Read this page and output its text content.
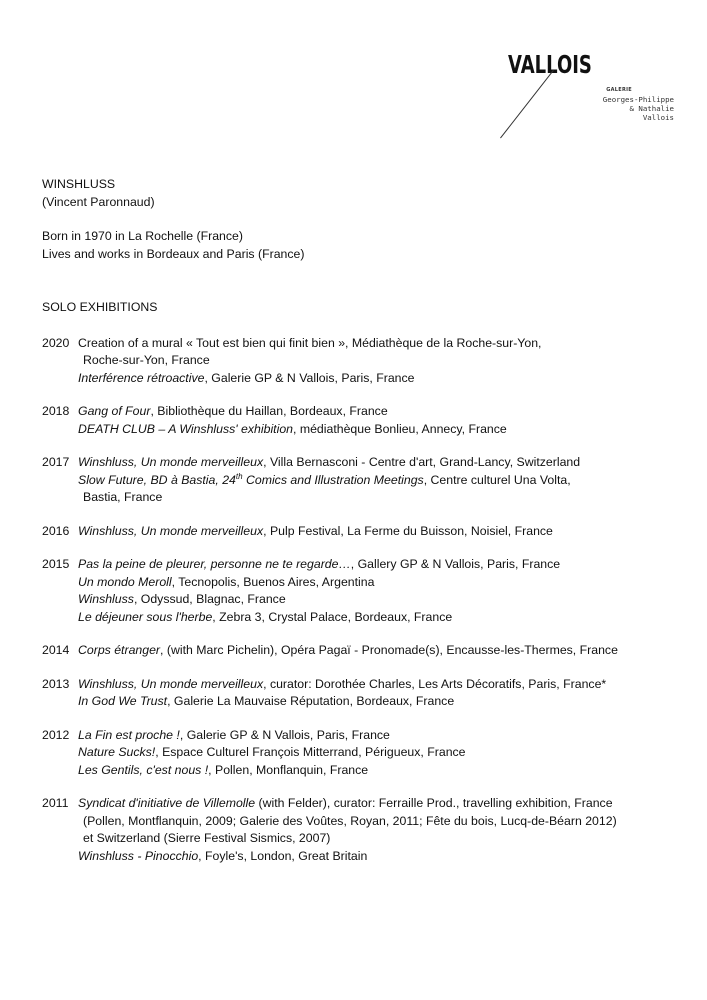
VALLOIS
GALERIE
Georges-Philippe
& Nathalie
Vallois
WINSHLUSS
(Vincent Paronnaud)
Born in 1970 in La Rochelle (France)
Lives and works in Bordeaux and Paris (France)
SOLO EXHIBITIONS
2020 Creation of a mural « Tout est bien qui finit bien », Médiathèque de la Roche-sur-Yon,
Roche-sur-Yon, France
Interférence rétroactive, Galerie GP & N Vallois, Paris, France
2018 Gang of Four, Bibliothèque du Haillan, Bordeaux, France
DEATH CLUB – A Winshluss' exhibition, médiathèque Bonlieu, Annecy, France
2017 Winshluss, Un monde merveilleux, Villa Bernasconi - Centre d'art, Grand-Lancy, Switzerland
Slow Future, BD à Bastia, 24th Comics and Illustration Meetings, Centre culturel Una Volta,
Bastia, France
2016 Winshluss, Un monde merveilleux, Pulp Festival, La Ferme du Buisson, Noisiel, France
2015 Pas la peine de pleurer, personne ne te regarde…, Gallery GP & N Vallois, Paris, France
Un mondo Meroll, Tecnopolis, Buenos Aires, Argentina
Winshluss, Odyssud, Blagnac, France
Le déjeuner sous l'herbe, Zebra 3, Crystal Palace, Bordeaux, France
2014 Corps étranger, (with Marc Pichelin), Opéra Pagaï - Pronomade(s), Encausse-les-Thermes, France
2013 Winshluss, Un monde merveilleux, curator: Dorothée Charles, Les Arts Décoratifs, Paris, France*
In God We Trust, Galerie La Mauvaise Réputation, Bordeaux, France
2012 La Fin est proche !, Galerie GP & N Vallois, Paris, France
Nature Sucks!, Espace Culturel François Mitterrand, Périgueux, France
Les Gentils, c'est nous !, Pollen, Monflanquin, France
2011 Syndicat d'initiative de Villemolle (with Felder), curator: Ferraille Prod., travelling exhibition, France
(Pollen, Montflanquin, 2009; Galerie des Voûtes, Royan, 2011; Fête du bois, Lucq-de-Béarn 2012)
et Switzerland (Sierre Festival Sismics, 2007)
Winshluss - Pinocchio, Foyle's, London, Great Britain
